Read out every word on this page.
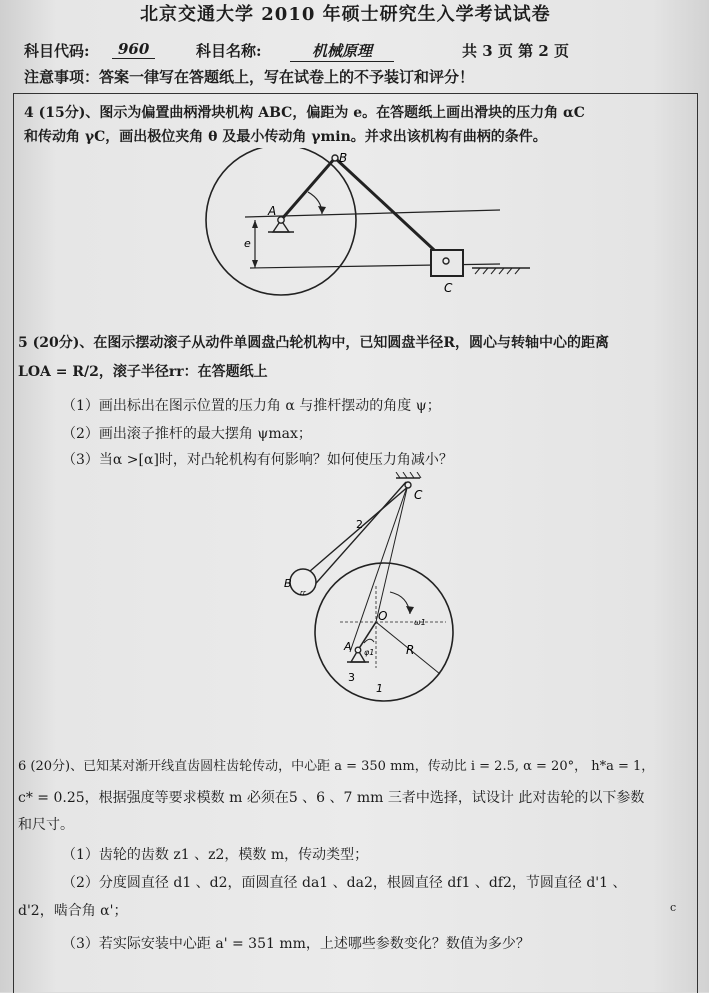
北京交通大学 2010 年硕士研究生入学考试试卷
科目代码:	960	科目名称:	机械原理	共 3 页 第 2 页
注意事项：答案一律写在答题纸上，写在试卷上的不予装订和评分！
4 (15分)、图示为偏置曲柄滑块机构 ABC，偏距为 e。在答题纸上画出滑块的压力角 αC
和传动角 γC，画出极位夹角 θ 及最小传动角 γmin。并求出该机构有曲柄的条件。
A
B
C
e
5 (20分)、在图示摆动滚子从动件单圆盘凸轮机构中，已知圆盘半径R，圆心与转轴中心的距离
LOA = R/2，滚子半径rr：在答题纸上
（1）画出标出在图示位置的压力角 α 与推杆摆动的角度 ψ；
（2）画出滚子推杆的最大摆角 ψmax；
（3）当α >[α]时，对凸轮机构有何影响？如何使压力角减小？
C
B
rr
O	ω1
R
A φ1
3
1
2
6 (20分)、已知某对渐开线直齿圆柱齿轮传动，中心距 a = 350 mm，传动比 i = 2.5, α = 20°， h*a = 1，
c* = 0.25，根据强度等要求模数 m 必须在5 、6 、7 mm 三者中选择，试设计 此对齿轮的以下参数
和尺寸。
（1）齿轮的齿数 z1 、z2，模数 m，传动类型；
（2）分度圆直径 d1 、d2，面圆直径 da1 、da2，根圆直径 df1 、df2，节圆直径 d'1 、
d'2，啮合角 α'；
（3）若实际安装中心距 a' = 351 mm，上述哪些参数变化？数值为多少？
c
